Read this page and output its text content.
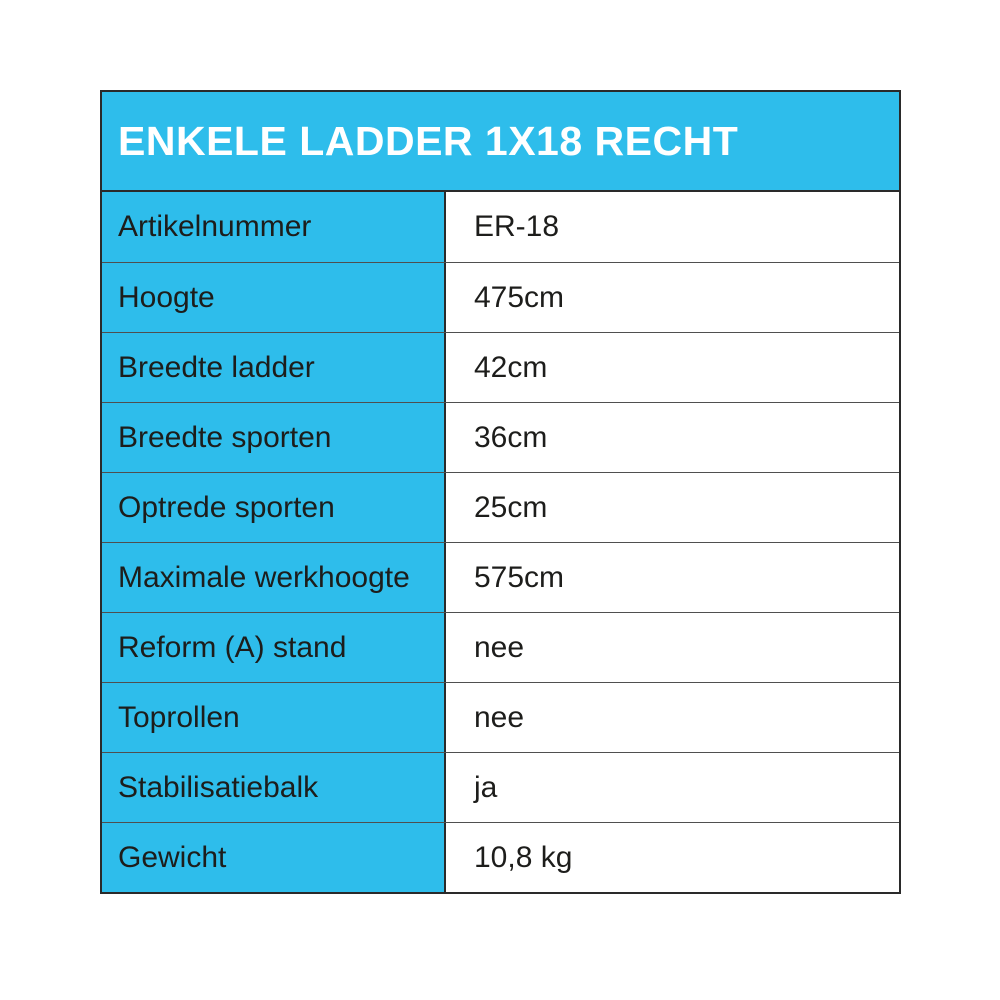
ENKELE LADDER 1X18 RECHT
Artikelnummer	ER-18
Hoogte	475cm
Breedte ladder	42cm
Breedte sporten	36cm
Optrede sporten	25cm
Maximale werkhoogte	575cm
Reform (A) stand	nee
Toprollen	nee
Stabilisatiebalk	ja
Gewicht	10,8 kg
